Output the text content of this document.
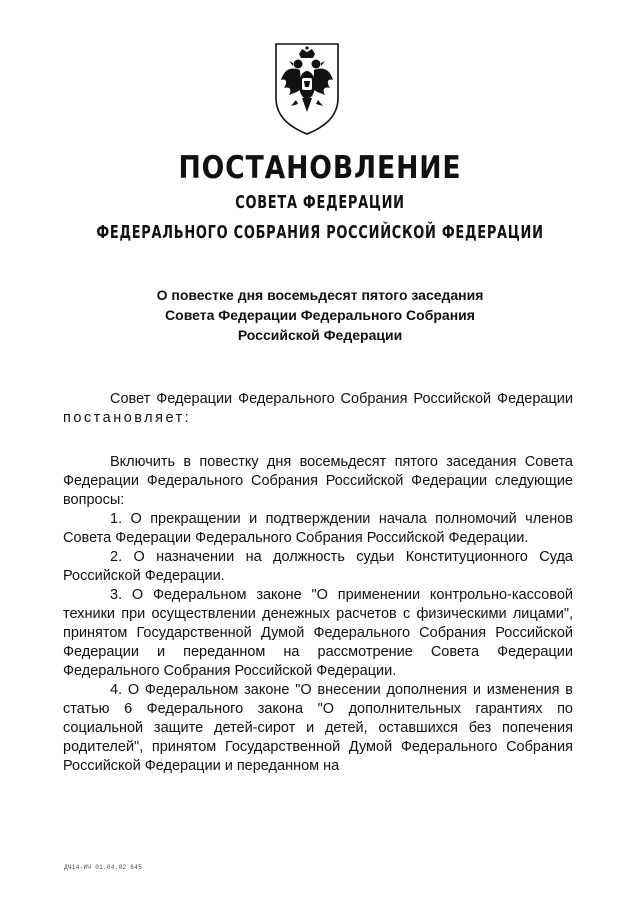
ПОСТАНОВЛЕНИЕ
СОВЕТА ФЕДЕРАЦИИ
ФЕДЕРАЛЬНОГО СОБРАНИЯ РОССИЙСКОЙ ФЕДЕРАЦИИ
О повестке дня восемьдесят пятого заседания
Совета Федерации Федерального Собрания
Российской Федерации

Совет Федерации Федерального Собрания Российской Федерации постановляет:

Включить в повестку дня восемьдесят пятого заседания Совета Федерации Федерального Собрания Российской Федерации следующие вопросы:

1. О прекращении и подтверждении начала полномочий членов Совета Федерации Федерального Собрания Российской Федерации.

2. О назначении на должность судьи Конституционного Суда Российской Федерации.

3. О Федеральном законе "О применении контрольно-кассовой техники при осуществлении денежных расчетов с физическими лицами", принятом Государственной Думой Федерального Собрания Российской Федерации и переданном на рассмотрение Совета Федерации Федерального Собрания Российской Федерации.

4. О Федеральном законе "О внесении дополнения и изменения в статью 6 Федерального закона "О дополнительных гарантиях по социальной защите детей-сирот и детей, оставшихся без попечения родителей", принятом Государственной Думой Федерального Собрания Российской Федерации и переданном на

ДЧ14-ИЧ 01.04.02 645
